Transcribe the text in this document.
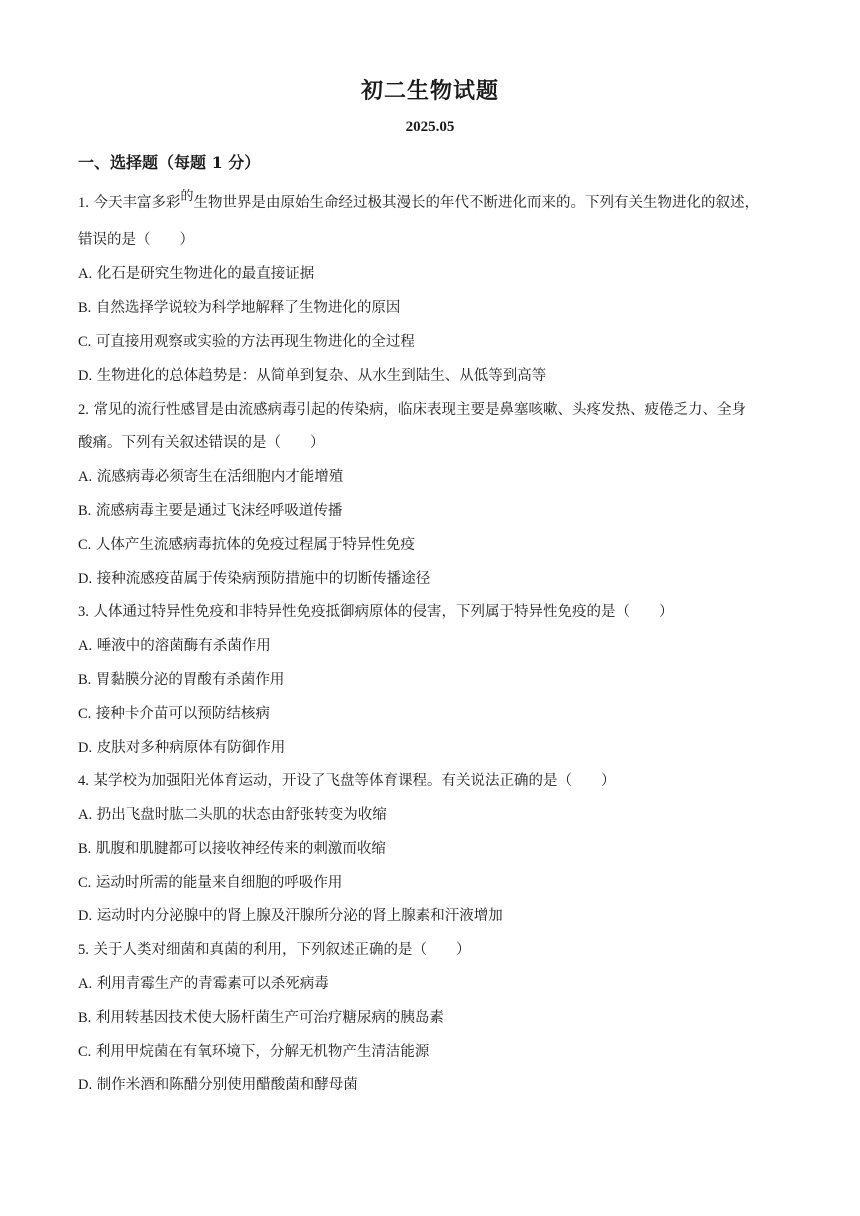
初二生物试题
2025.05
一、选择题（每题 1 分）
1. 今天丰富多彩的生物世界是由原始生命经过极其漫长的年代不断进化而来的。下列有关生物进化的叙述，
错误的是（　　）
A. 化石是研究生物进化的最直接证据
B. 自然选择学说较为科学地解释了生物进化的原因
C. 可直接用观察或实验的方法再现生物进化的全过程
D. 生物进化的总体趋势是：从简单到复杂、从水生到陆生、从低等到高等
2. 常见的流行性感冒是由流感病毒引起的传染病，临床表现主要是鼻塞咳嗽、头疼发热、疲倦乏力、全身
酸痛。下列有关叙述错误的是（　　）
A. 流感病毒必须寄生在活细胞内才能增殖
B. 流感病毒主要是通过飞沫经呼吸道传播
C. 人体产生流感病毒抗体的免疫过程属于特异性免疫
D. 接种流感疫苗属于传染病预防措施中的切断传播途径
3. 人体通过特异性免疫和非特异性免疫抵御病原体的侵害，下列属于特异性免疫的是（　　）
A. 唾液中的溶菌酶有杀菌作用
B. 胃黏膜分泌的胃酸有杀菌作用
C. 接种卡介苗可以预防结核病
D. 皮肤对多种病原体有防御作用
4. 某学校为加强阳光体育运动，开设了飞盘等体育课程。有关说法正确的是（　　）
A. 扔出飞盘时肱二头肌的状态由舒张转变为收缩
B. 肌腹和肌腱都可以接收神经传来的刺激而收缩
C. 运动时所需的能量来自细胞的呼吸作用
D. 运动时内分泌腺中的肾上腺及汗腺所分泌的肾上腺素和汗液增加
5. 关于人类对细菌和真菌的利用，下列叙述正确的是（　　）
A. 利用青霉生产的青霉素可以杀死病毒
B. 利用转基因技术使大肠杆菌生产可治疗糖尿病的胰岛素
C. 利用甲烷菌在有氧环境下，分解无机物产生清洁能源
D. 制作米酒和陈醋分别使用醋酸菌和酵母菌
